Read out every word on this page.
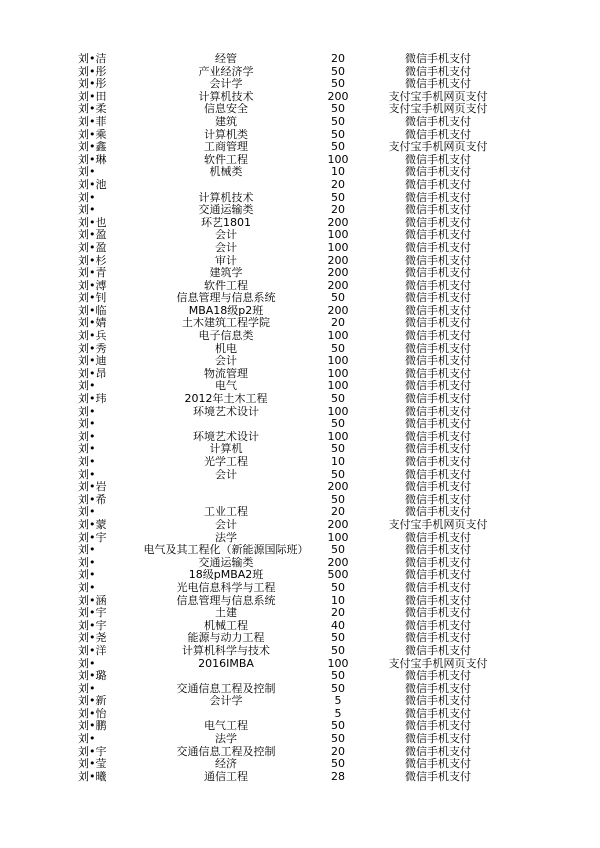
刘•洁	经管	20	微信手机支付
刘•彤	产业经济学	50	微信手机支付
刘•彤	会计学	50	微信手机支付
刘•田	计算机技术	200	支付宝手机网页支付
刘•柔	信息安全	50	支付宝手机网页支付
刘•菲	建筑	50	微信手机支付
刘•乘	计算机类	50	微信手机支付
刘•鑫	工商管理	50	支付宝手机网页支付
刘•琳	软件工程	100	微信手机支付
刘•	机械类	10	微信手机支付
刘•池		20	微信手机支付
刘•	计算机技术	50	微信手机支付
刘•	交通运输类	20	微信手机支付
刘•也	环艺1801	200	微信手机支付
刘•盈	会计	100	微信手机支付
刘•盈	会计	100	微信手机支付
刘•杉	审计	200	微信手机支付
刘•青	建筑学	200	微信手机支付
刘•溥	软件工程	200	微信手机支付
刘•钊	信息管理与信息系统	50	微信手机支付
刘•临	MBA18级p2班	200	微信手机支付
刘•婧	土木建筑工程学院	20	微信手机支付
刘•兵	电子信息类	100	微信手机支付
刘•秀	机电	50	微信手机支付
刘•迪	会计	100	微信手机支付
刘•昂	物流管理	100	微信手机支付
刘•	电气	100	微信手机支付
刘•玮	2012年土木工程	50	微信手机支付
刘•	环境艺术设计	100	微信手机支付
刘•		50	微信手机支付
刘•	环境艺术设计	100	微信手机支付
刘•	计算机	50	微信手机支付
刘•	光学工程	10	微信手机支付
刘•	会计	50	微信手机支付
刘•岩		200	微信手机支付
刘•希		50	微信手机支付
刘•	工业工程	20	微信手机支付
刘•蒙	会计	200	支付宝手机网页支付
刘•宇	法学	100	微信手机支付
刘•	电气及其工程化（新能源国际班）	50	微信手机支付
刘•	交通运输类	200	微信手机支付
刘•	18级pMBA2班	500	微信手机支付
刘•	光电信息科学与工程	50	微信手机支付
刘•涵	信息管理与信息系统	10	微信手机支付
刘•宇	土建	20	微信手机支付
刘•宇	机械工程	40	微信手机支付
刘•尧	能源与动力工程	50	微信手机支付
刘•洋	计算机科学与技术	50	微信手机支付
刘•	2016IMBA	100	支付宝手机网页支付
刘•璐		50	微信手机支付
刘•	交通信息工程及控制	50	微信手机支付
刘•新	会计学	5	微信手机支付
刘•怡		5	微信手机支付
刘•鹏	电气工程	50	微信手机支付
刘•	法学	50	微信手机支付
刘•宇	交通信息工程及控制	20	微信手机支付
刘•莹	经济	50	微信手机支付
刘•曦	通信工程	28	微信手机支付
